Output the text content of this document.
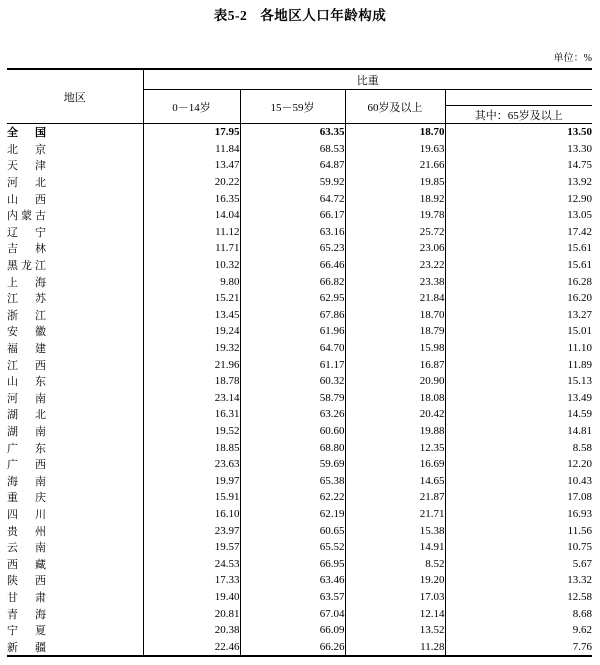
表5-2 各地区人口年龄构成
单位：%
地区	比重			
	0－14岁	15－59岁	60岁及以上	
				其中：65岁及以上
全国	17.95	63.35	18.70	13.50
北京	11.84	68.53	19.63	13.30
天津	13.47	64.87	21.66	14.75
河北	20.22	59.92	19.85	13.92
山西	16.35	64.72	18.92	12.90
内蒙古	14.04	66.17	19.78	13.05
辽宁	11.12	63.16	25.72	17.42
吉林	11.71	65.23	23.06	15.61
黑龙江	10.32	66.46	23.22	15.61
上海	9.80	66.82	23.38	16.28
江苏	15.21	62.95	21.84	16.20
浙江	13.45	67.86	18.70	13.27
安徽	19.24	61.96	18.79	15.01
福建	19.32	64.70	15.98	11.10
江西	21.96	61.17	16.87	11.89
山东	18.78	60.32	20.90	15.13
河南	23.14	58.79	18.08	13.49
湖北	16.31	63.26	20.42	14.59
湖南	19.52	60.60	19.88	14.81
广东	18.85	68.80	12.35	8.58
广西	23.63	59.69	16.69	12.20
海南	19.97	65.38	14.65	10.43
重庆	15.91	62.22	21.87	17.08
四川	16.10	62.19	21.71	16.93
贵州	23.97	60.65	15.38	11.56
云南	19.57	65.52	14.91	10.75
西藏	24.53	66.95	8.52	5.67
陕西	17.33	63.46	19.20	13.32
甘肃	19.40	63.57	17.03	12.58
青海	20.81	67.04	12.14	8.68
宁夏	20.38	66.09	13.52	9.62
新疆	22.46	66.26	11.28	7.76
